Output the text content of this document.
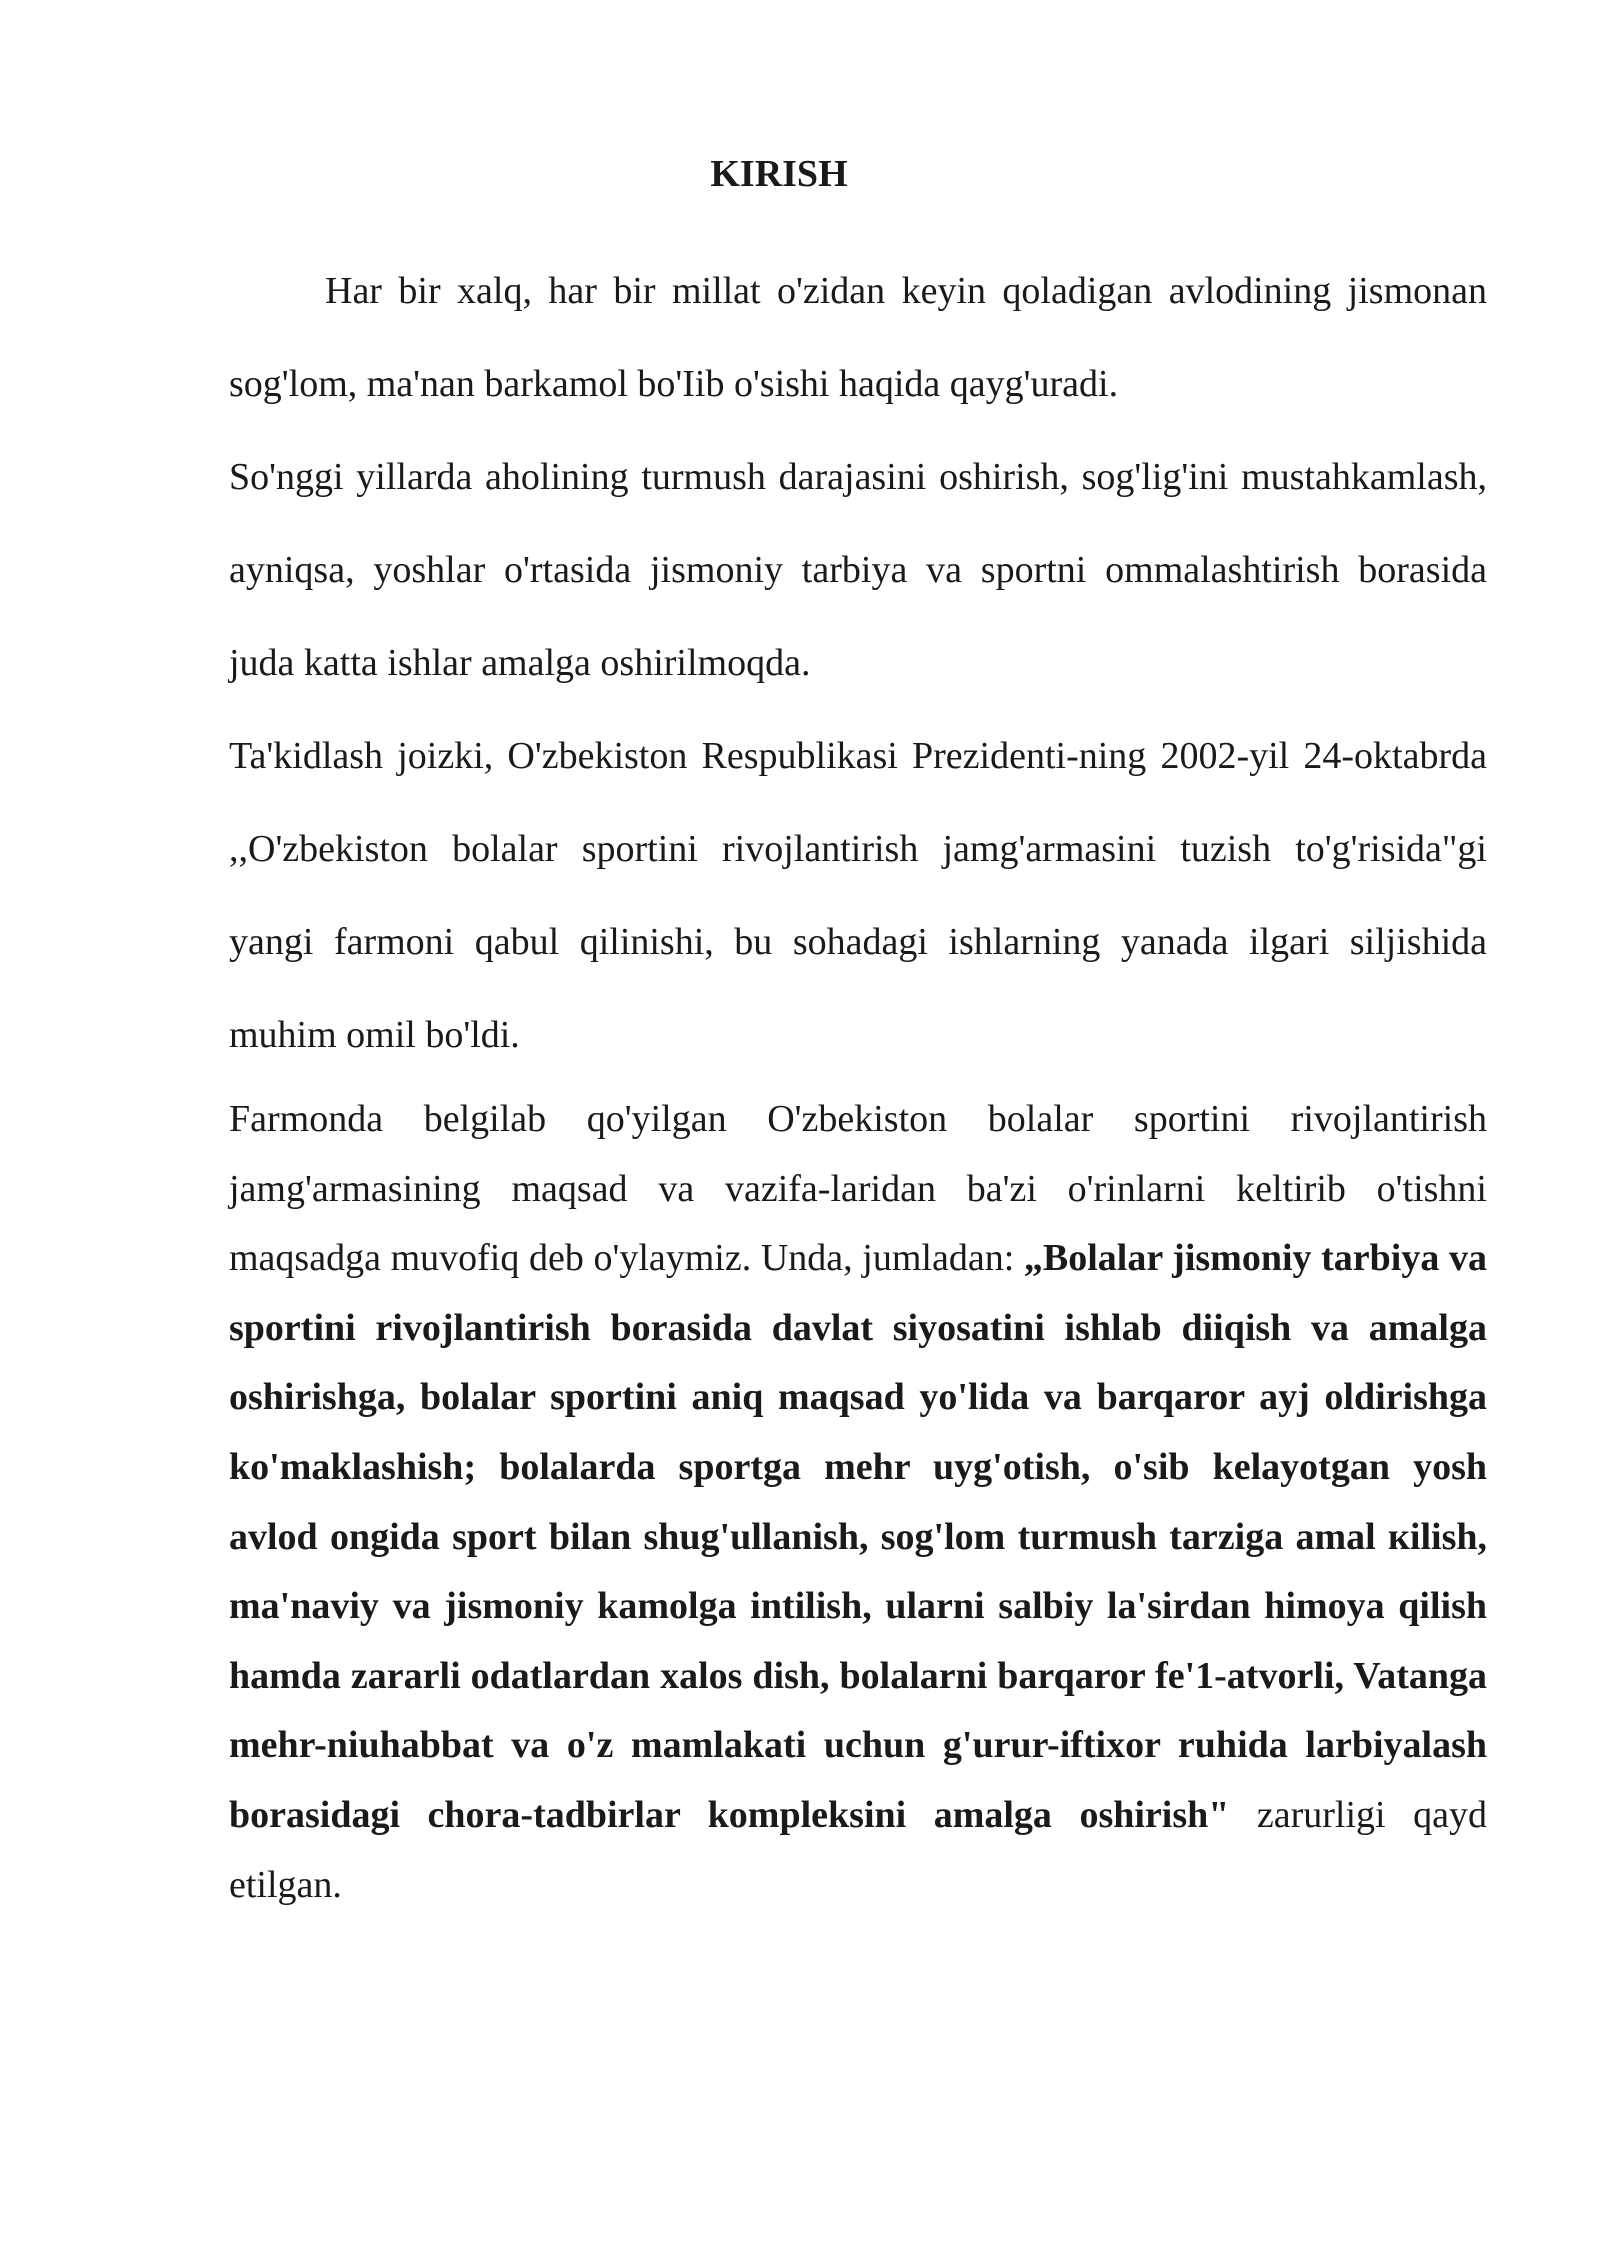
KIRISH

Har bir xalq, har bir millat o'zidan keyin qoladigan avlodining jismonan sog'lom, ma'nan barkamol bo'Iib o'sishi haqida qayg'uradi.

So'nggi yillarda aholining turmush darajasini oshirish, sog'lig'ini mustahkamlash, ayniqsa, yoshlar o'rtasida jismoniy tarbiya va sportni ommalashtirish borasida juda katta ishlar amalga oshirilmoqda.

Ta'kidlash joizki, O'zbekiston Respublikasi Prezidenti-ning 2002-yil 24-oktabrda ,,O'zbekiston bolalar sportini rivojlantirish jamg'armasini tuzish to'g'risida"gi yangi farmoni qabul qilinishi, bu sohadagi ishlarning yanada ilgari siljishida muhim omil bo'ldi.

Farmonda belgilab qo'yilgan O'zbekiston bolalar sportini rivojlantirish jamg'armasining maqsad va vazifa-laridan ba'zi o'rinlarni keltirib o'tishni maqsadga muvofiq deb o'ylaymiz. Unda, jumladan: „Bolalar jismoniy tarbiya va sportini rivojlantirish borasida davlat siyosatini ishlab diiqish va amalga oshirishga, bolalar sportini aniq maqsad yo'lida va barqaror ayj oldirishga ko'maklashish; bolalarda sportga mehr uyg'otish, o'sib kelayotgan yosh avlod ongida sport bilan shug'ullanish, sog'lom turmush tarziga amal кilish, ma'naviy va jismoniy kamolga intilish, ularni salbiy la'sirdan himoya qilish hamda zararli odatlardan xalos dish, bolalarni barqaror fe'1-atvorli, Vatanga mehr-niuhabbat va o'z mamlakati uchun g'urur-iftixor ruhida larbiyalash borasidagi chora-tadbirlar kompleksini amalga oshirish" zarurligi qayd etilgan.
